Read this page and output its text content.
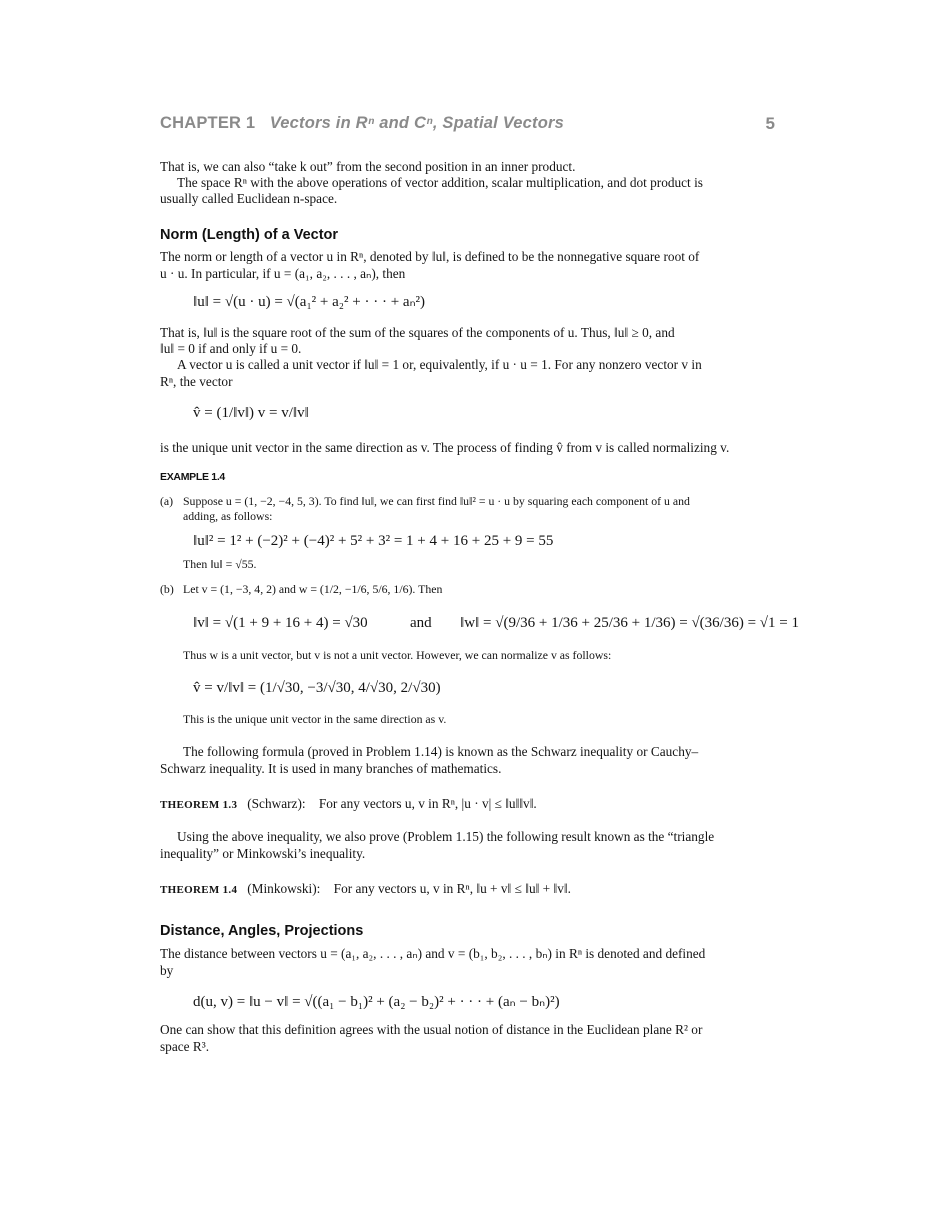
CHAPTER 1 Vectors in Rⁿ and Cⁿ, Spatial Vectors	5
That is, we can also “take k out” from the second position in an inner product.
The space Rⁿ with the above operations of vector addition, scalar multiplication, and dot product is
usually called Euclidean n-space.
Norm (Length) of a Vector
The norm or length of a vector u in Rⁿ, denoted by ‖u‖, is defined to be the nonnegative square root of
u · u. In particular, if u = (a₁, a₂, . . . , aₙ), then
‖u‖ = √(u · u) = √(a₁² + a₂² + · · · + aₙ²)
That is, ‖u‖ is the square root of the sum of the squares of the components of u. Thus, ‖u‖ ≥ 0, and
‖u‖ = 0 if and only if u = 0.
A vector u is called a unit vector if ‖u‖ = 1 or, equivalently, if u · u = 1. For any nonzero vector v in
Rⁿ, the vector
v̂ = (1/‖v‖) v = v/‖v‖
is the unique unit vector in the same direction as v. The process of finding v̂ from v is called normalizing v.
EXAMPLE 1.4
(a) Suppose u = (1, −2, −4, 5, 3). To find ‖u‖, we can first find ‖u‖² = u · u by squaring each component of u and
adding, as follows:
‖u‖² = 1² + (−2)² + (−4)² + 5² + 3² = 1 + 4 + 16 + 25 + 9 = 55
Then ‖u‖ = √55.
(b) Let v = (1, −3, 4, 2) and w = (1/2, −1/6, 5/6, 1/6). Then
‖v‖ = √(1 + 9 + 16 + 4) = √30	and ‖w‖ = √(9/36 + 1/36 + 25/36 + 1/36) = √(36/36) = √1 = 1
Thus w is a unit vector, but v is not a unit vector. However, we can normalize v as follows:
v̂ = v/‖v‖ = (1/√30, −3/√30, 4/√30, 2/√30)
This is the unique unit vector in the same direction as v.
The following formula (proved in Problem 1.14) is known as the Schwarz inequality or Cauchy–
Schwarz inequality. It is used in many branches of mathematics.
THEOREM 1.3 (Schwarz): For any vectors u, v in Rⁿ, |u · v| ≤ ‖u‖‖v‖.
Using the above inequality, we also prove (Problem 1.15) the following result known as the “triangle
inequality” or Minkowski’s inequality.
THEOREM 1.4 (Minkowski): For any vectors u, v in Rⁿ, ‖u + v‖ ≤ ‖u‖ + ‖v‖.
Distance, Angles, Projections
The distance between vectors u = (a₁, a₂, . . . , aₙ) and v = (b₁, b₂, . . . , bₙ) in Rⁿ is denoted and defined
by
d(u, v) = ‖u − v‖ = √((a₁ − b₁)² + (a₂ − b₂)² + · · · + (aₙ − bₙ)²)
One can show that this definition agrees with the usual notion of distance in the Euclidean plane R² or
space R³.
